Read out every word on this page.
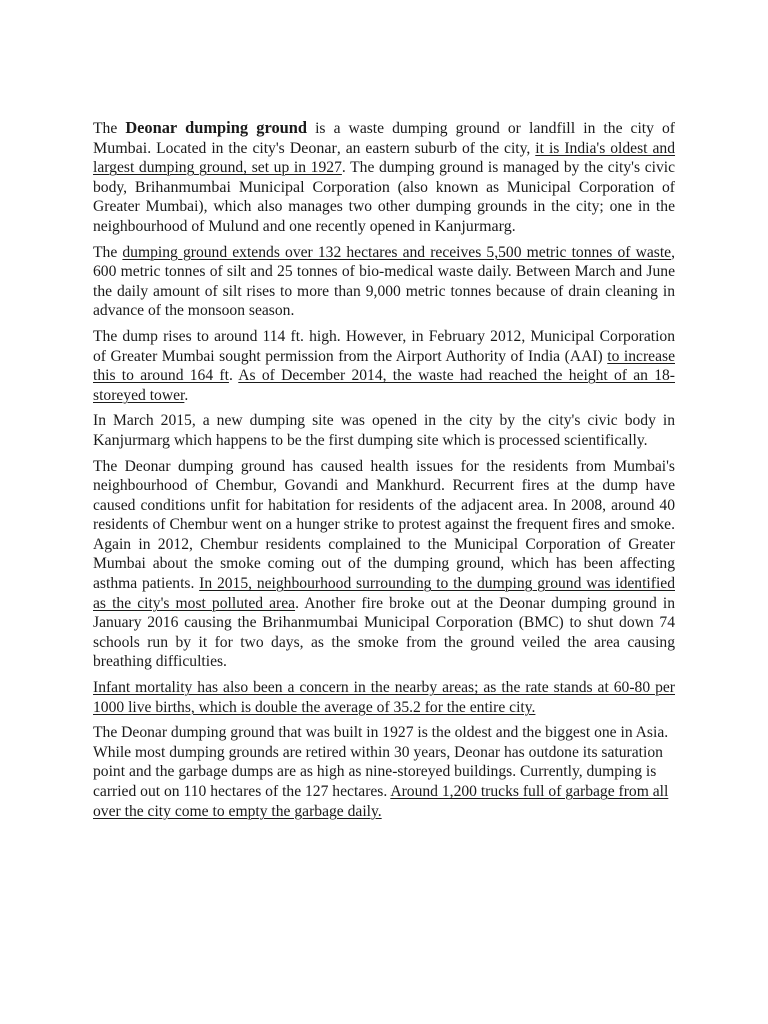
The Deonar dumping ground is a waste dumping ground or landfill in the city of Mumbai. Located in the city's Deonar, an eastern suburb of the city, it is India's oldest and largest dumping ground, set up in 1927. The dumping ground is managed by the city's civic body, Brihanmumbai Municipal Corporation (also known as Municipal Corporation of Greater Mumbai), which also manages two other dumping grounds in the city; one in the neighbourhood of Mulund and one recently opened in Kanjurmarg.

The dumping ground extends over 132 hectares and receives 5,500 metric tonnes of waste, 600 metric tonnes of silt and 25 tonnes of bio-medical waste daily. Between March and June the daily amount of silt rises to more than 9,000 metric tonnes because of drain cleaning in advance of the monsoon season.

The dump rises to around 114 ft. high. However, in February 2012, Municipal Corporation of Greater Mumbai sought permission from the Airport Authority of India (AAI) to increase this to around 164 ft. As of December 2014, the waste had reached the height of an 18-storeyed tower.

In March 2015, a new dumping site was opened in the city by the city's civic body in Kanjurmarg which happens to be the first dumping site which is processed scientifically.

The Deonar dumping ground has caused health issues for the residents from Mumbai's neighbourhood of Chembur, Govandi and Mankhurd. Recurrent fires at the dump have caused conditions unfit for habitation for residents of the adjacent area. In 2008, around 40 residents of Chembur went on a hunger strike to protest against the frequent fires and smoke. Again in 2012, Chembur residents complained to the Municipal Corporation of Greater Mumbai about the smoke coming out of the dumping ground, which has been affecting asthma patients. In 2015, neighbourhood surrounding to the dumping ground was identified as the city's most polluted area. Another fire broke out at the Deonar dumping ground in January 2016 causing the Brihanmumbai Municipal Corporation (BMC) to shut down 74 schools run by it for two days, as the smoke from the ground veiled the area causing breathing difficulties.

Infant mortality has also been a concern in the nearby areas; as the rate stands at 60-80 per 1000 live births, which is double the average of 35.2 for the entire city.

The Deonar dumping ground that was built in 1927 is the oldest and the biggest one in Asia. While most dumping grounds are retired within 30 years, Deonar has outdone its saturation point and the garbage dumps are as high as nine-storeyed buildings. Currently, dumping is carried out on 110 hectares of the 127 hectares. Around 1,200 trucks full of garbage from all over the city come to empty the garbage daily.
